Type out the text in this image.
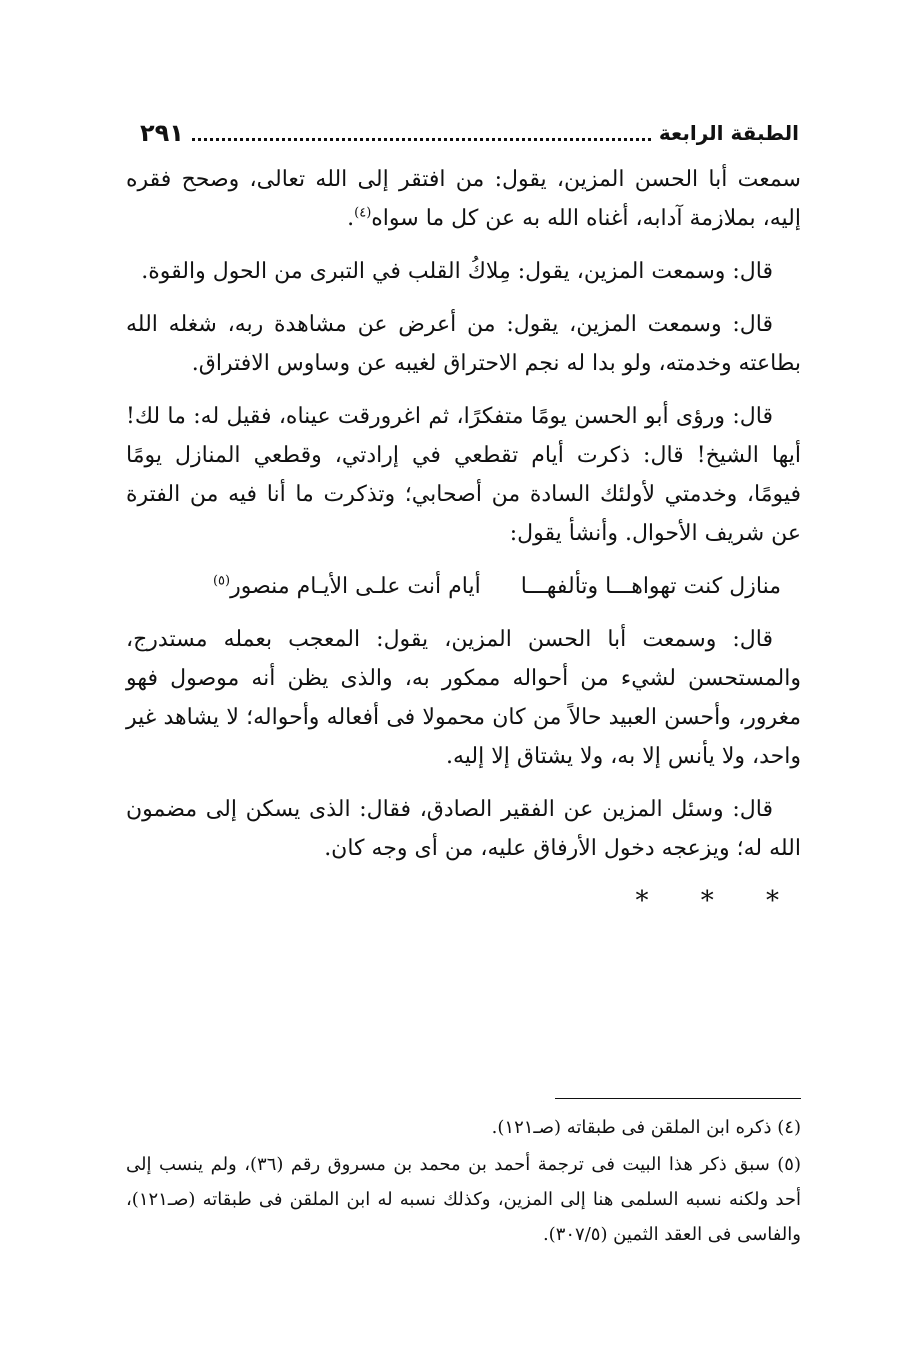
الطبقة الرابعة
٢٩١

سمعت أبا الحسن المزين، يقول: من افتقر إلى الله تعالى، وصحح فقره إليه، بملازمة آدابه، أغناه الله به عن كل ما سواه$^{(٤)}$.

قال: وسمعت المزين، يقول: مِلاكُ القلب في التبرى من الحول والقوة.

قال: وسمعت المزين، يقول: من أعرض عن مشاهدة ربه، شغله الله بطاعته وخدمته، ولو بدا له نجم الاحتراق لغيبه عن وساوس الافتراق.

قال: ورؤى أبو الحسن يومًا متفكرًا، ثم اغرورقت عيناه، فقيل له: ما لك! أيها الشيخ! قال: ذكرت أيام تقطعي في إرادتي، وقطعي المنازل يومًا فيومًا، وخدمتي لأولئك السادة من أصحابي؛ وتذكرت ما أنا فيه من الفترة عن شريف الأحوال. وأنشأ يقول:

منازل كنت تهواهـــا وتألفهـــا
أيام أنت علـى الأيـام منصور$^{(٥)}$

قال: وسمعت أبا الحسن المزين، يقول: المعجب بعمله مستدرج، والمستحسن لشيء من أحواله ممكور به، والذى يظن أنه موصول فهو مغرور، وأحسن العبيد حالاً من كان محمولا فى أفعاله وأحواله؛ لا يشاهد غير واحد، ولا يأنس إلا به، ولا يشتاق إلا إليه.

قال: وسئل المزين عن الفقير الصادق، فقال: الذى يسكن إلى مضمون الله له؛ ويزعجه دخول الأرفاق عليه، من أى وجه كان.

* * *

(٤) ذكره ابن الملقن فى طبقاته (صـ١٢١).

(٥) سبق ذكر هذا البيت فى ترجمة أحمد بن محمد بن مسروق رقم (٣٦)، ولم ينسب إلى أحد ولكنه نسبه السلمى هنا إلى المزين، وكذلك نسبه له ابن الملقن فى طبقاته (صـ١٢١)، والفاسى فى العقد الثمين (٣٠٧/٥).
